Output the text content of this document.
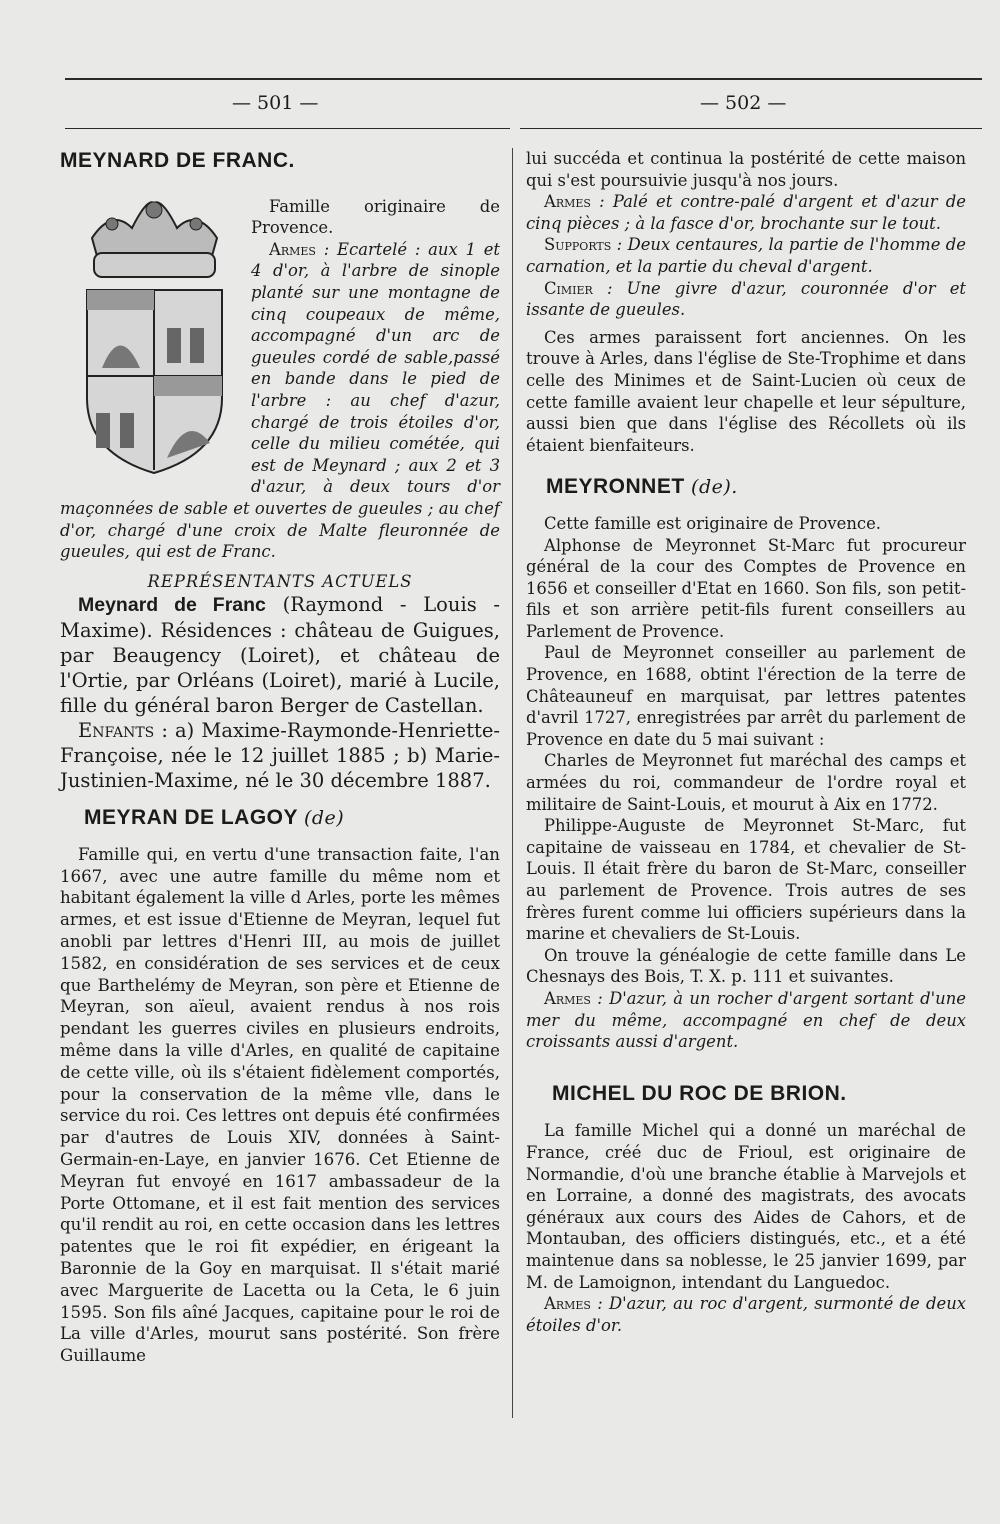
— 501 —	— 502 —
MEYNARD DE FRANC.

Famille originaire de Provence.

Armes : Ecartelé : aux 1 et 4 d'or, à l'arbre de sinople planté sur une montagne de cinq coupeaux de même, accompagné d'un arc de gueules cordé de sable,passé en bande dans le pied de l'arbre : au chef d'azur, chargé de trois étoiles d'or, celle du milieu cométée, qui est de Meynard ; aux 2 et 3 d'azur, à deux tours d'or maçonnées de sable et ouvertes de gueules ; au chef d'or, chargé d'une croix de Malte fleuronnée de gueules, qui est de Franc.

REPRÉSENTANTS ACTUELS

Meynard de Franc (Raymond - Louis - Maxime). Résidences : château de Guigues, par Beaugency (Loiret), et château de l'Ortie, par Orléans (Loiret), marié à Lucile, fille du général baron Berger de Castellan.

Enfants : a) Maxime-Raymonde-Henriette-Françoise, née le 12 juillet 1885 ; b) Marie-Justinien-Maxime, né le 30 décembre 1887.

MEYRAN DE LAGOY (de)

Famille qui, en vertu d'une transaction faite, l'an 1667, avec une autre famille du même nom et habitant également la ville d Arles, porte les mêmes armes, et est issue d'Etienne de Meyran, lequel fut anobli par lettres d'Henri III, au mois de juillet 1582, en considération de ses services et de ceux que Barthelémy de Meyran, son père et Etienne de Meyran, son aïeul, avaient rendus à nos rois pendant les guerres civiles en plusieurs endroits, même dans la ville d'Arles, en qualité de capitaine de cette ville, où ils s'étaient fidèlement comportés, pour la conservation de la même vlle, dans le service du roi. Ces lettres ont depuis été confirmées par d'autres de Louis XIV, données à Saint-Germain-en-Laye, en janvier 1676. Cet Etienne de Meyran fut envoyé en 1617 ambassadeur de la Porte Ottomane, et il est fait mention des services qu'il rendit au roi, en cette occasion dans les lettres patentes que le roi fit expédier, en érigeant la Baronnie de la Goy en marquisat. Il s'était marié avec Marguerite de Lacetta ou la Ceta, le 6 juin 1595. Son fils aîné Jacques, capitaine pour le roi de La ville d'Arles, mourut sans postérité. Son frère Guillaume

lui succéda et continua la postérité de cette maison qui s'est poursuivie jusqu'à nos jours.

Armes : Palé et contre-palé d'argent et d'azur de cinq pièces ; à la fasce d'or, brochante sur le tout.

Supports : Deux centaures, la partie de l'homme de carnation, et la partie du cheval d'argent.

Cimier : Une givre d'azur, couronnée d'or et issante de gueules.

Ces armes paraissent fort anciennes. On les trouve à Arles, dans l'église de Ste-Trophime et dans celle des Minimes et de Saint-Lucien où ceux de cette famille avaient leur chapelle et leur sépulture, aussi bien que dans l'église des Récollets où ils étaient bienfaiteurs.

MEYRONNET (de).

Cette famille est originaire de Provence.

Alphonse de Meyronnet St-Marc fut procureur général de la cour des Comptes de Provence en 1656 et conseiller d'Etat en 1660. Son fils, son petit-fils et son arrière petit-fils furent conseillers au Parlement de Provence.

Paul de Meyronnet conseiller au parlement de Provence, en 1688, obtint l'érection de la terre de Châteauneuf en marquisat, par lettres patentes d'avril 1727, enregistrées par arrêt du parlement de Provence en date du 5 mai suivant :

Charles de Meyronnet fut maréchal des camps et armées du roi, commandeur de l'ordre royal et militaire de Saint-Louis, et mourut à Aix en 1772.

Philippe-Auguste de Meyronnet St-Marc, fut capitaine de vaisseau en 1784, et chevalier de St-Louis. Il était frère du baron de St-Marc, conseiller au parlement de Provence. Trois autres de ses frères furent comme lui officiers supérieurs dans la marine et chevaliers de St-Louis.

On trouve la généalogie de cette famille dans Le Chesnays des Bois, T. X. p. 111 et suivantes.

Armes : D'azur, à un rocher d'argent sortant d'une mer du même, accompagné en chef de deux croissants aussi d'argent.

MICHEL DU ROC DE BRION.

La famille Michel qui a donné un maréchal de France, créé duc de Frioul, est originaire de Normandie, d'où une branche établie à Marvejols et en Lorraine, a donné des magistrats, des avocats généraux aux cours des Aides de Cahors, et de Montauban, des officiers distingués, etc., et a été maintenue dans sa noblesse, le 25 janvier 1699, par M. de Lamoignon, intendant du Languedoc.

Armes : D'azur, au roc d'argent, surmonté de deux étoiles d'or.
